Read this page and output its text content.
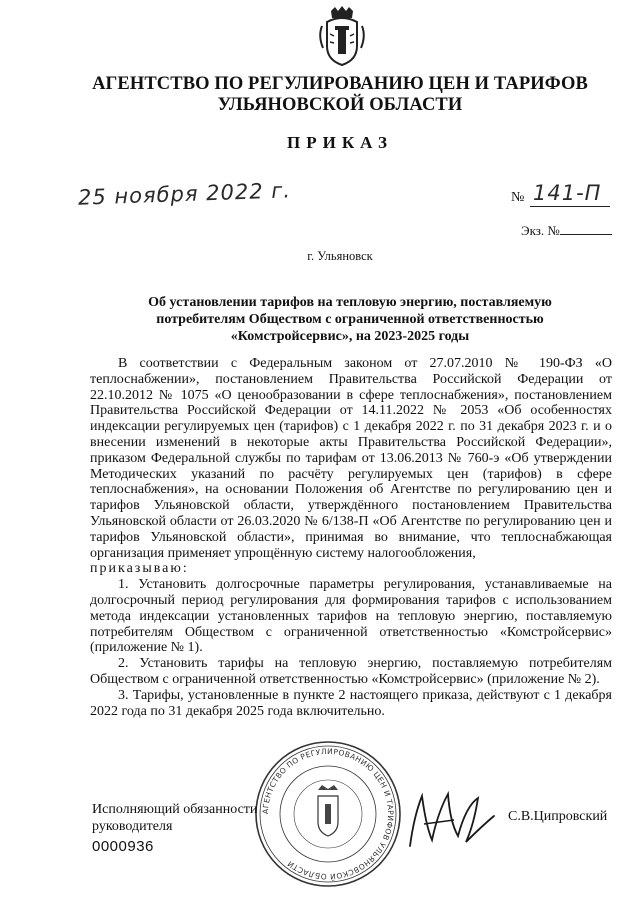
АГЕНТСТВО ПО РЕГУЛИРОВАНИЮ ЦЕН И ТАРИФОВ
УЛЬЯНОВСКОЙ ОБЛАСТИ
ПРИКАЗ
25 ноября 2022 г.	№ 141-П
Экз. №
г. Ульяновск
Об установлении тарифов на тепловую энергию, поставляемую
потребителям Обществом с ограниченной ответственностью
«Комстройсервис», на 2023-2025 годы

В соответствии с Федеральным законом от 27.07.2010 № 190-ФЗ «О теплоснабжении», постановлением Правительства Российской Федерации от 22.10.2012 № 1075 «О ценообразовании в сфере теплоснабжения», постановлением Правительства Российской Федерации от 14.11.2022 № 2053 «Об особенностях индексации регулируемых цен (тарифов) с 1 декабря 2022 г. по 31 декабря 2023 г. и о внесении изменений в некоторые акты Правительства Российской Федерации», приказом Федеральной службы по тарифам от 13.06.2013 № 760-э «Об утверждении Методических указаний по расчёту регулируемых цен (тарифов) в сфере теплоснабжения», на основании Положения об Агентстве по регулированию цен и тарифов Ульяновской области, утверждённого постановлением Правительства Ульяновской области от 26.03.2020 № 6/138-П «Об Агентстве по регулированию цен и тарифов Ульяновской области», принимая во внимание, что теплоснабжающая организация применяет упрощённую систему налогообложения,

приказываю:

1. Установить долгосрочные параметры регулирования, устанавливаемые на долгосрочный период регулирования для формирования тарифов с использованием метода индексации установленных тарифов на тепловую энергию, поставляемую потребителям Обществом с ограниченной ответственностью «Комстройсервис» (приложение № 1).

2. Установить тарифы на тепловую энергию, поставляемую потребителям Обществом с ограниченной ответственностью «Комстройсервис» (приложение № 2).

3. Тарифы, установленные в пункте 2 настоящего приказа, действуют с 1 декабря 2022 года по 31 декабря 2025 года включительно.

АГЕНТСТВО ПО РЕГУЛИРОВАНИЮ ЦЕН И ТАРИФОВ УЛЬЯНОВСКОЙ ОБЛАСТИ
Исполняющий обязанности
руководителя
0000936
С.В.Ципровский
